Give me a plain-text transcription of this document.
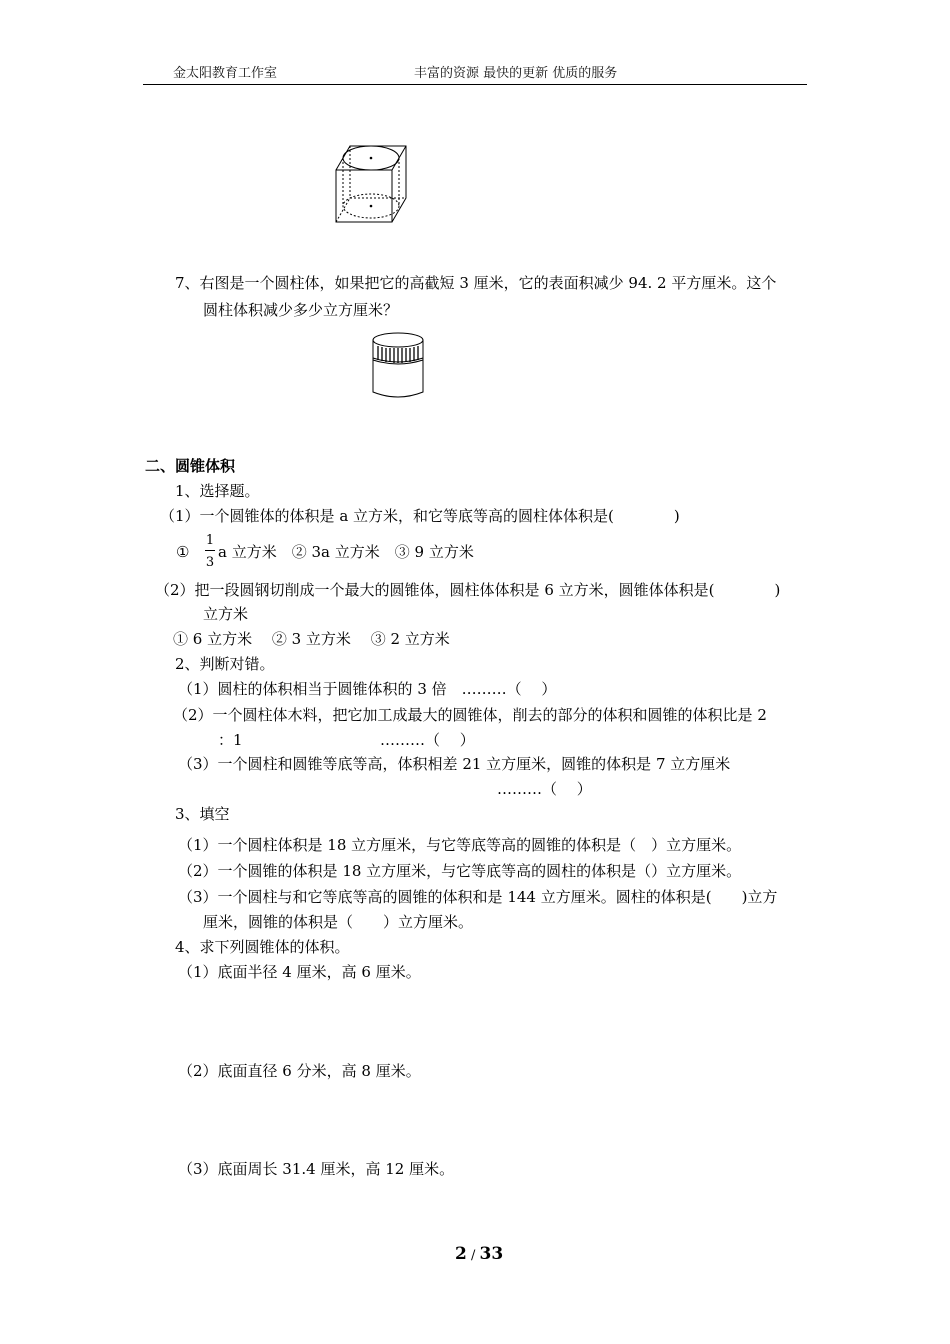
金太阳教育工作室	丰富的资源 最快的更新 优质的服务
7、右图是一个圆柱体，如果把它的高截短 3 厘米，它的表面积减少 94. 2 平方厘米。这个
圆柱体积减少多少立方厘米？
二、圆锥体积
1、选择题。
（1）一个圆锥体的体积是 a 立方米，和它等底等高的圆柱体体积是(　　　　)
①
1
3
a 立方米　② 3a 立方米　③ 9 立方米
（2）把一段圆钢切削成一个最大的圆锥体，圆柱体体积是 6 立方米，圆锥体体积是(　　　　)
立方米
① 6 立方米　 ② 3 立方米　 ③ 2 立方米
2、判断对错。
（1）圆柱的体积相当于圆锥体积的 3 倍　………（　 ）
（2）一个圆柱体木料，把它加工成最大的圆锥体，削去的部分的体积和圆锥的体积比是 2
：1	………（　 ）
（3）一个圆柱和圆锥等底等高，体积相差 21 立方厘米，圆锥的体积是 7 立方厘米
………（　 ）
3、填空
（1）一个圆柱体积是 18 立方厘米，与它等底等高的圆锥的体积是（　）立方厘米。
（2）一个圆锥的体积是 18 立方厘米，与它等底等高的圆柱的体积是（）立方厘米。
（3）一个圆柱与和它等底等高的圆锥的体积和是 144 立方厘米。圆柱的体积是(　　)立方
厘米，圆锥的体积是（　　）立方厘米。
4、求下列圆锥体的体积。
（1）底面半径 4 厘米，高 6 厘米。
（2）底面直径 6 分米，高 8 厘米。
（3）底面周长 31.4 厘米，高 12 厘米。
2 / 33
